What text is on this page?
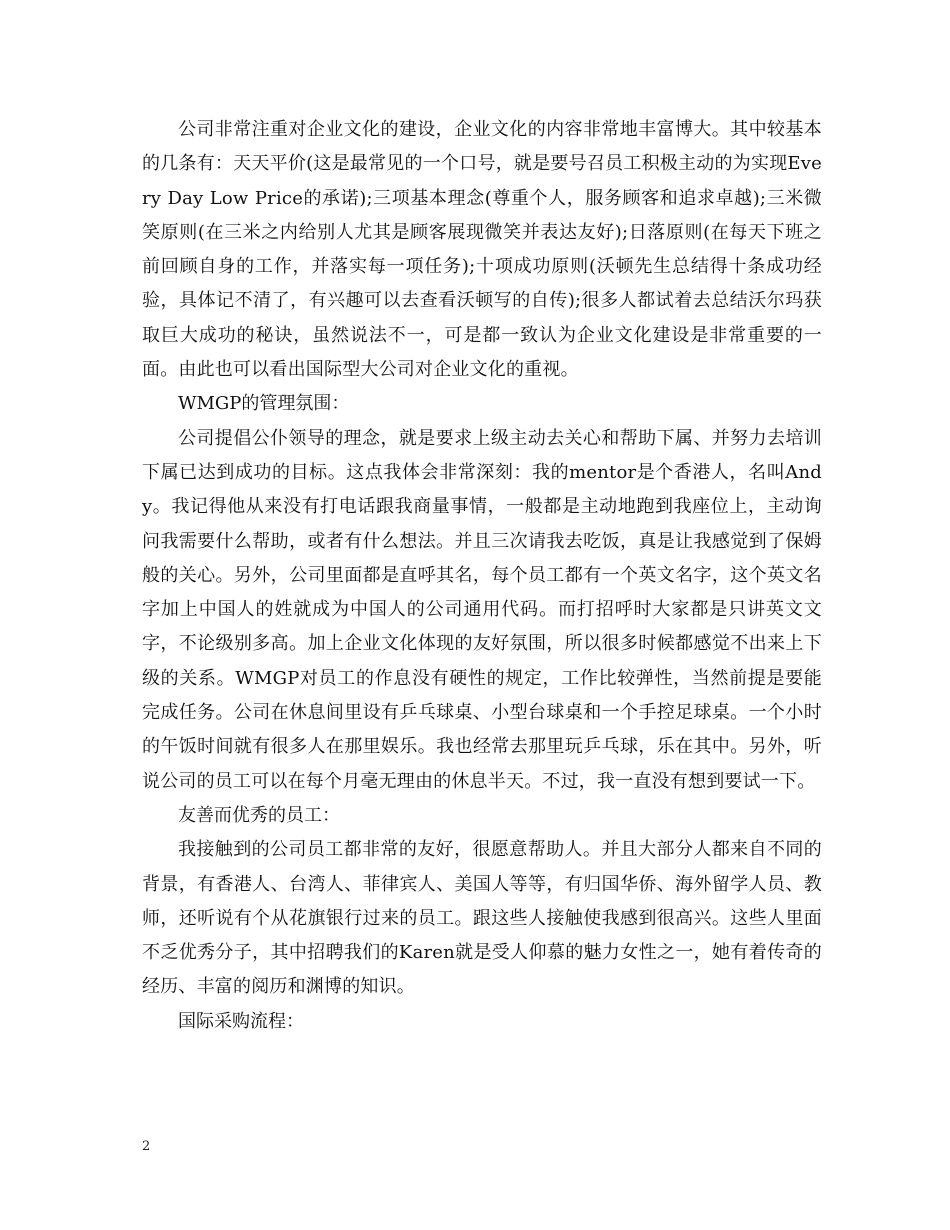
公司非常注重对企业文化的建设，企业文化的内容非常地丰富博大。其中较基本的几条有：天天平价(这是最常见的一个口号，就是要号召员工积极主动的为实现Every Day Low Price的承诺);三项基本理念(尊重个人，服务顾客和追求卓越);三米微笑原则(在三米之内给别人尤其是顾客展现微笑并表达友好);日落原则(在每天下班之前回顾自身的工作，并落实每一项任务);十项成功原则(沃顿先生总结得十条成功经验，具体记不清了，有兴趣可以去查看沃顿写的自传);很多人都试着去总结沃尔玛获取巨大成功的秘诀，虽然说法不一，可是都一致认为企业文化建设是非常重要的一面。由此也可以看出国际型大公司对企业文化的重视。

WMGP的管理氛围：

公司提倡公仆领导的理念，就是要求上级主动去关心和帮助下属、并努力去培训下属已达到成功的目标。这点我体会非常深刻：我的mentor是个香港人，名叫Andy。我记得他从来没有打电话跟我商量事情，一般都是主动地跑到我座位上，主动询问我需要什么帮助，或者有什么想法。并且三次请我去吃饭，真是让我感觉到了保姆般的关心。另外，公司里面都是直呼其名，每个员工都有一个英文名字，这个英文名字加上中国人的姓就成为中国人的公司通用代码。而打招呼时大家都是只讲英文文字，不论级别多高。加上企业文化体现的友好氛围，所以很多时候都感觉不出来上下级的关系。WMGP对员工的作息没有硬性的规定，工作比较弹性，当然前提是要能完成任务。公司在休息间里设有乒乓球桌、小型台球桌和一个手控足球桌。一个小时的午饭时间就有很多人在那里娱乐。我也经常去那里玩乒乓球，乐在其中。另外，听说公司的员工可以在每个月毫无理由的休息半天。不过，我一直没有想到要试一下。

友善而优秀的员工：

我接触到的公司员工都非常的友好，很愿意帮助人。并且大部分人都来自不同的背景，有香港人、台湾人、菲律宾人、美国人等等，有归国华侨、海外留学人员、教师，还听说有个从花旗银行过来的员工。跟这些人接触使我感到很高兴。这些人里面不乏优秀分子，其中招聘我们的Karen就是受人仰慕的魅力女性之一，她有着传奇的经历、丰富的阅历和渊博的知识。

国际采购流程：

2
